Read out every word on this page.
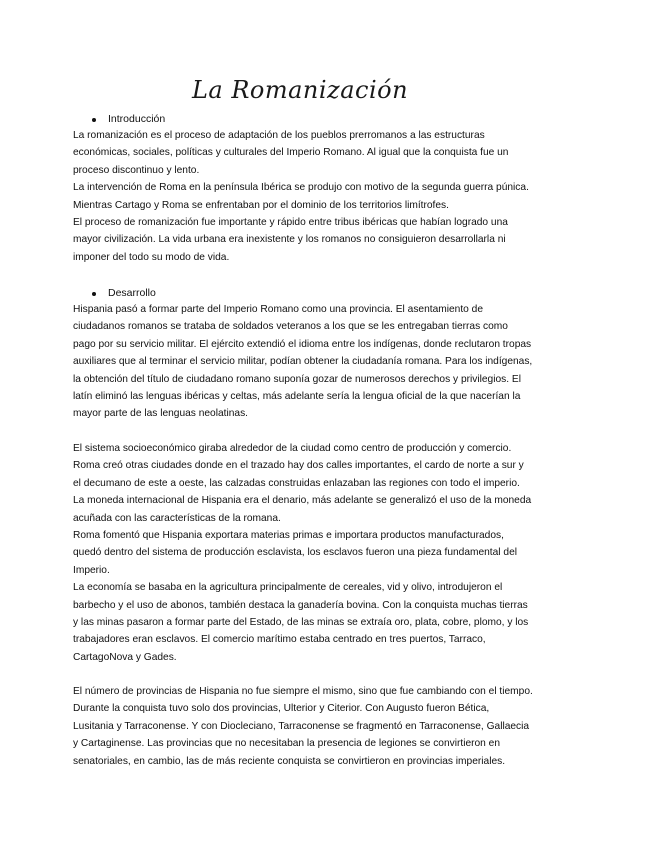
La Romanización
Introducción

La romanización es el proceso de adaptación de los pueblos prerromanos a las estructuras

económicas, sociales, políticas y culturales del Imperio Romano. Al igual que la conquista fue un

proceso discontinuo y lento.

La intervención de Roma en la península Ibérica se produjo con motivo de la segunda guerra púnica.

Mientras Cartago y Roma se enfrentaban por el dominio de los territorios limítrofes.

El proceso de romanización fue importante y rápido entre tribus ibéricas que habían logrado una

mayor civilización. La vida urbana era inexistente y los romanos no consiguieron desarrollarla ni

imponer del todo su modo de vida.

Desarrollo

Hispania pasó a formar parte del Imperio Romano como una provincia. El asentamiento de

ciudadanos romanos se trataba de soldados veteranos a los que se les entregaban tierras como

pago por su servicio militar. El ejército extendió el idioma entre los indígenas, donde reclutaron tropas

auxiliares que al terminar el servicio militar, podían obtener la ciudadanía romana. Para los indígenas,

la obtención del título de ciudadano romano suponía gozar de numerosos derechos y privilegios. El

latín eliminó las lenguas ibéricas y celtas, más adelante sería la lengua oficial de la que nacerían la

mayor parte de las lenguas neolatinas.

El sistema socioeconómico giraba alrededor de la ciudad como centro de producción y comercio.

Roma creó otras ciudades donde en el trazado hay dos calles importantes, el cardo de norte a sur y

el decumano de este a oeste, las calzadas construidas enlazaban las regiones con todo el imperio.

La moneda internacional de Hispania era el denario, más adelante se generalizó el uso de la moneda

acuñada con las características de la romana.

Roma fomentó que Hispania exportara materias primas e importara productos manufacturados,

quedó dentro del sistema de producción esclavista, los esclavos fueron una pieza fundamental del

Imperio.

La economía se basaba en la agricultura principalmente de cereales, vid y olivo, introdujeron el

barbecho y el uso de abonos, también destaca la ganadería bovina. Con la conquista muchas tierras

y las minas pasaron a formar parte del Estado, de las minas se extraía oro, plata, cobre, plomo, y los

trabajadores eran esclavos. El comercio marítimo estaba centrado en tres puertos, Tarraco,

CartagoNova y Gades.

El número de provincias de Hispania no fue siempre el mismo, sino que fue cambiando con el tiempo.

Durante la conquista tuvo solo dos provincias, Ulterior y Citerior. Con Augusto fueron Bética,

Lusitania y Tarraconense. Y con Diocleciano, Tarraconense se fragmentó en Tarraconense, Gallaecia

y Cartaginense. Las provincias que no necesitaban la presencia de legiones se convirtieron en

senatoriales, en cambio, las de más reciente conquista se convirtieron en provincias imperiales.
